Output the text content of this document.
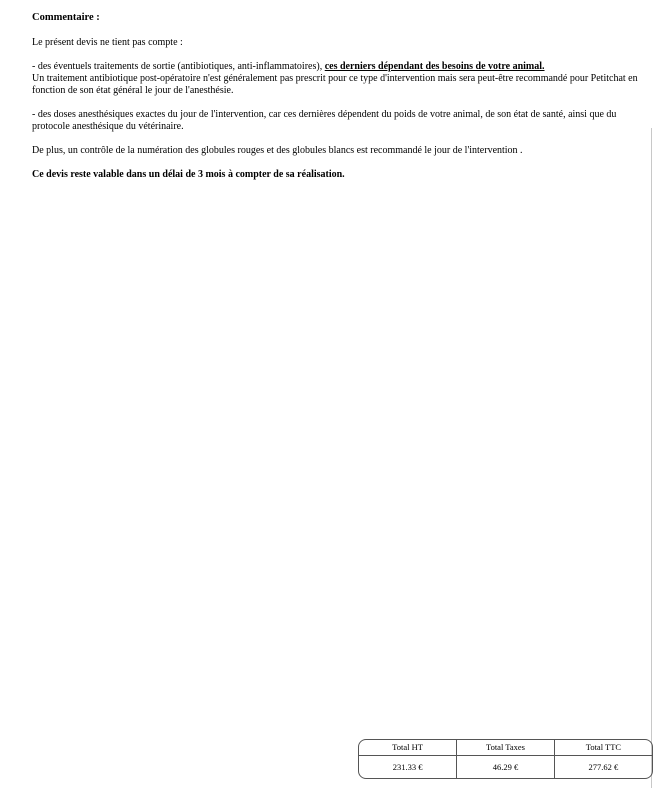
Commentaire :

Le présent devis ne tient pas compte :

- des éventuels traitements de sortie (antibiotiques, anti-inflammatoires), ces derniers dépendant des besoins de votre animal.

Un traitement antibiotique post-opératoire n'est généralement pas prescrit pour ce type d'intervention mais sera peut-être recommandé pour Petitchat en fonction de son état général le jour de l'anesthésie.

- des doses anesthésiques exactes du jour de l'intervention, car ces dernières dépendent du poids de votre animal, de son état de santé, ainsi que du protocole anesthésique du vétérinaire.

De plus, un contrôle de la numération des globules rouges et des globules blancs est recommandé le jour de l'intervention .

Ce devis reste valable dans un délai de 3 mois à compter de sa réalisation.

Total HT	Total Taxes	Total TTC
231.33 €	46.29 €	277.62 €
